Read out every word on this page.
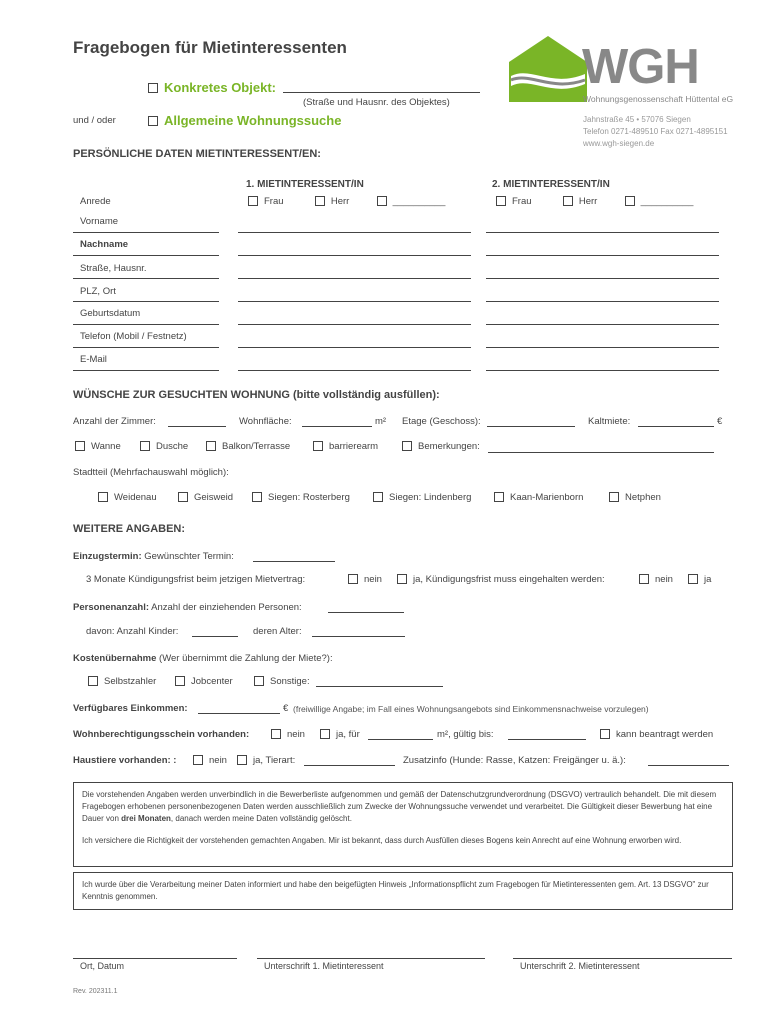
Fragebogen für Mietinteressenten
Konkretes Objekt:
(Straße und Hausnr. des Objektes)
und / oder	Allgemeine Wohnungssuche
WGH
Wohnungsgenossenschaft Hüttental eG
Jahnstraße 45 • 57076 Siegen
Telefon 0271-489510 Fax 0271-4895151
www.wgh-siegen.de
PERSÖNLICHE DATEN MIETINTERESSENT/EN:
1. MIETINTERESSENT/IN	2. MIETINTERESSENT/IN
Anrede	Frau	Herr	__________	Frau	Herr	__________
Vorname
Nachname
Straße, Hausnr.
PLZ, Ort
Geburtsdatum
Telefon (Mobil / Festnetz)
E-Mail
WÜNSCHE ZUR GESUCHTEN WOHNUNG (bitte vollständig ausfüllen):
Anzahl der Zimmer:	Wohnfläche:	m² Etage (Geschoss):	Kaltmiete:	€
Wanne	Dusche	Balkon/Terrasse	barrierearm	Bemerkungen:
Stadtteil (Mehrfachauswahl möglich):
Weidenau	Geisweid	Siegen: Rosterberg	Siegen: Lindenberg	Kaan-Marienborn	Netphen
WEITERE ANGABEN:
Einzugstermin: Gewünschter Termin:
3 Monate Kündigungsfrist beim jetzigen Mietvertrag:	nein	ja, Kündigungsfrist muss eingehalten werden:	nein	ja
Personenanzahl: Anzahl der einziehenden Personen:
davon: Anzahl Kinder:	deren Alter:
Kostenübernahme (Wer übernimmt die Zahlung der Miete?):
Selbstzahler	Jobcenter	Sonstige:
Verfügbares Einkommen:	€ (freiwillige Angabe; im Fall eines Wohnungsangebots sind Einkommensnachweise vorzulegen)
Wohnberechtigungsschein vorhanden:	nein	ja, für	m², gültig bis:	kann beantragt werden
Haustiere vorhanden: :	nein	ja, Tierart:	Zusatzinfo (Hunde: Rasse, Katzen: Freigänger u. ä.):
Die vorstehenden Angaben werden unverbindlich in die Bewerberliste aufgenommen und gemäß der Datenschutzgrundverordnung (DSGVO) vertraulich behandelt. Die mit diesem Fragebogen erhobenen personenbezogenen Daten werden ausschließlich zum Zwecke der Wohnungssuche verwendet und verarbeitet. Die Gültigkeit dieser Bewerbung hat eine Dauer von drei Monaten, danach werden meine Daten vollständig gelöscht.
Ich versichere die Richtigkeit der vorstehenden gemachten Angaben. Mir ist bekannt, dass durch Ausfüllen dieses Bogens kein Anrecht auf eine Wohnung erworben wird.
Ich wurde über die Verarbeitung meiner Daten informiert und habe den beigefügten Hinweis „Informationspflicht zum Fragebogen für Mietinteressenten gem. Art. 13 DSGVO" zur Kenntnis genommen.
Ort, Datum	Unterschrift 1. Mietinteressent	Unterschrift 2. Mietinteressent
Rev. 202311.1
